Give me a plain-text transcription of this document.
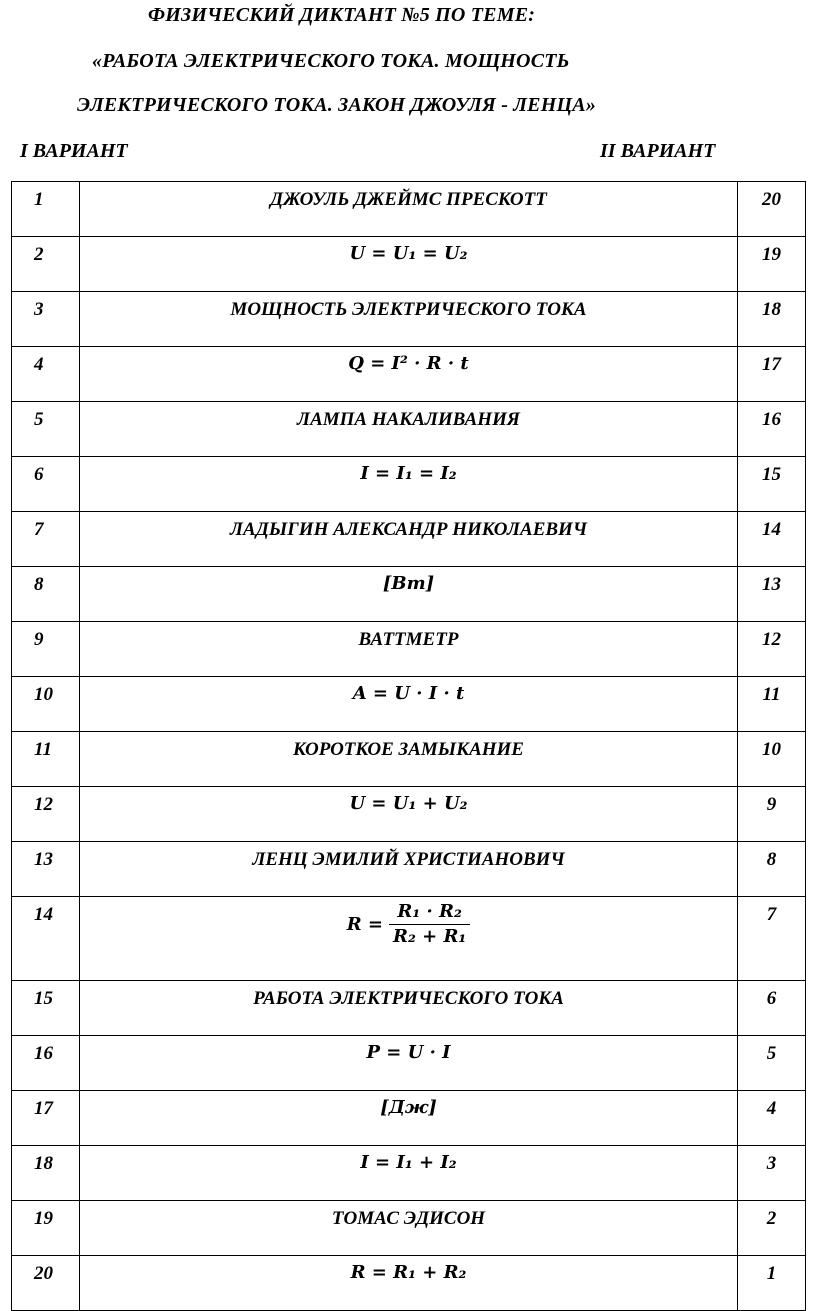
ФИЗИЧЕСКИЙ ДИКТАНТ №5 ПО ТЕМЕ:
«РАБОТА ЭЛЕКТРИЧЕСКОГО ТОКА. МОЩНОСТЬ
ЭЛЕКТРИЧЕСКОГО ТОКА. ЗАКОН ДЖОУЛЯ - ЛЕНЦА»
I ВАРИАНТ	II ВАРИАНТ
1	ДЖОУЛЬ ДЖЕЙМС ПРЕСКОТТ	20
2	U = U₁ = U₂	19
3	МОЩНОСТЬ ЭЛЕКТРИЧЕСКОГО ТОКА	18
4	Q = I² · R · t	17
5	ЛАМПА НАКАЛИВАНИЯ	16
6	I = I₁ = I₂	15
7	ЛАДЫГИН АЛЕКСАНДР НИКОЛАЕВИЧ	14
8	[Вт]	13
9	ВАТТМЕТР	12
10	A = U · I · t	11
11	КОРОТКОЕ ЗАМЫКАНИЕ	10
12	U = U₁ + U₂	9
13	ЛЕНЦ ЭМИЛИЙ ХРИСТИАНОВИЧ	8
14	$R = \frac{\text{R₁ · R₂}}{\text{R₂ + R₁}}$	7
15	РАБОТА ЭЛЕКТРИЧЕСКОГО ТОКА	6
16	P = U · I	5
17	[Дж]	4
18	I = I₁ + I₂	3
19	ТОМАС ЭДИСОН	2
20	R = R₁ + R₂	1
